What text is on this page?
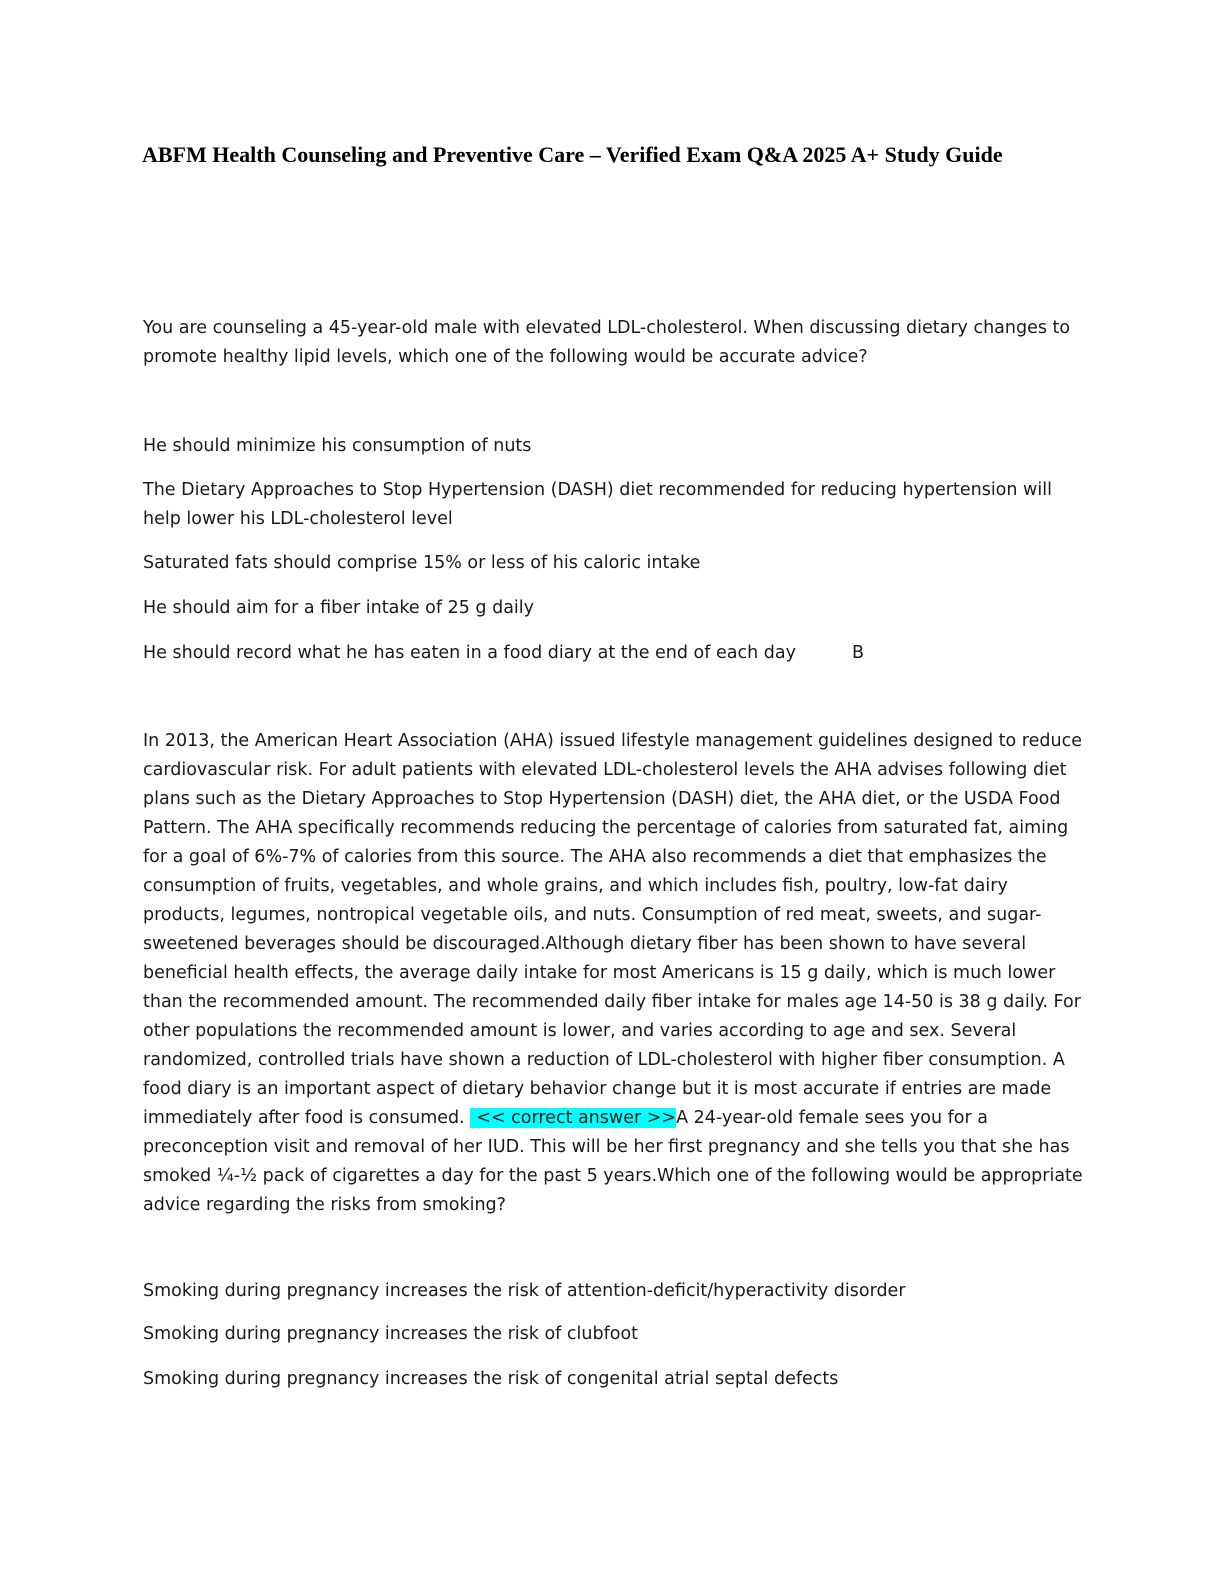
ABFM Health Counseling and Preventive Care – Verified Exam Q&A 2025 A+ Study Guide

You are counseling a 45-year-old male with elevated LDL-cholesterol. When discussing dietary changes to promote healthy lipid levels, which one of the following would be accurate advice?

He should minimize his consumption of nuts

The Dietary Approaches to Stop Hypertension (DASH) diet recommended for reducing hypertension will help lower his LDL-cholesterol level

Saturated fats should comprise 15% or less of his caloric intake

He should aim for a fiber intake of 25 g daily

He should record what he has eaten in a food diary at the end of each day	B

In 2013, the American Heart Association (AHA) issued lifestyle management guidelines designed to reduce cardiovascular risk. For adult patients with elevated LDL-cholesterol levels the AHA advises following diet plans such as the Dietary Approaches to Stop Hypertension (DASH) diet, the AHA diet, or the USDA Food Pattern. The AHA specifically recommends reducing the percentage of calories from saturated fat, aiming for a goal of 6%-7% of calories from this source. The AHA also recommends a diet that emphasizes the consumption of fruits, vegetables, and whole grains, and which includes fish, poultry, low-fat dairy products, legumes, nontropical vegetable oils, and nuts. Consumption of red meat, sweets, and sugar-sweetened beverages should be discouraged.Although dietary fiber has been shown to have several beneficial health effects, the average daily intake for most Americans is 15 g daily, which is much lower than the recommended amount. The recommended daily fiber intake for males age 14-50 is 38 g daily. For other populations the recommended amount is lower, and varies according to age and sex. Several randomized, controlled trials have shown a reduction of LDL-cholesterol with higher fiber consumption. A food diary is an important aspect of dietary behavior change but it is most accurate if entries are made immediately after food is consumed. << correct answer >>A 24-year-old female sees you for a preconception visit and removal of her IUD. This will be her first pregnancy and she tells you that she has smoked ¼-½ pack of cigarettes a day for the past 5 years.Which one of the following would be appropriate advice regarding the risks from smoking?

Smoking during pregnancy increases the risk of attention-deficit/hyperactivity disorder

Smoking during pregnancy increases the risk of clubfoot

Smoking during pregnancy increases the risk of congenital atrial septal defects
